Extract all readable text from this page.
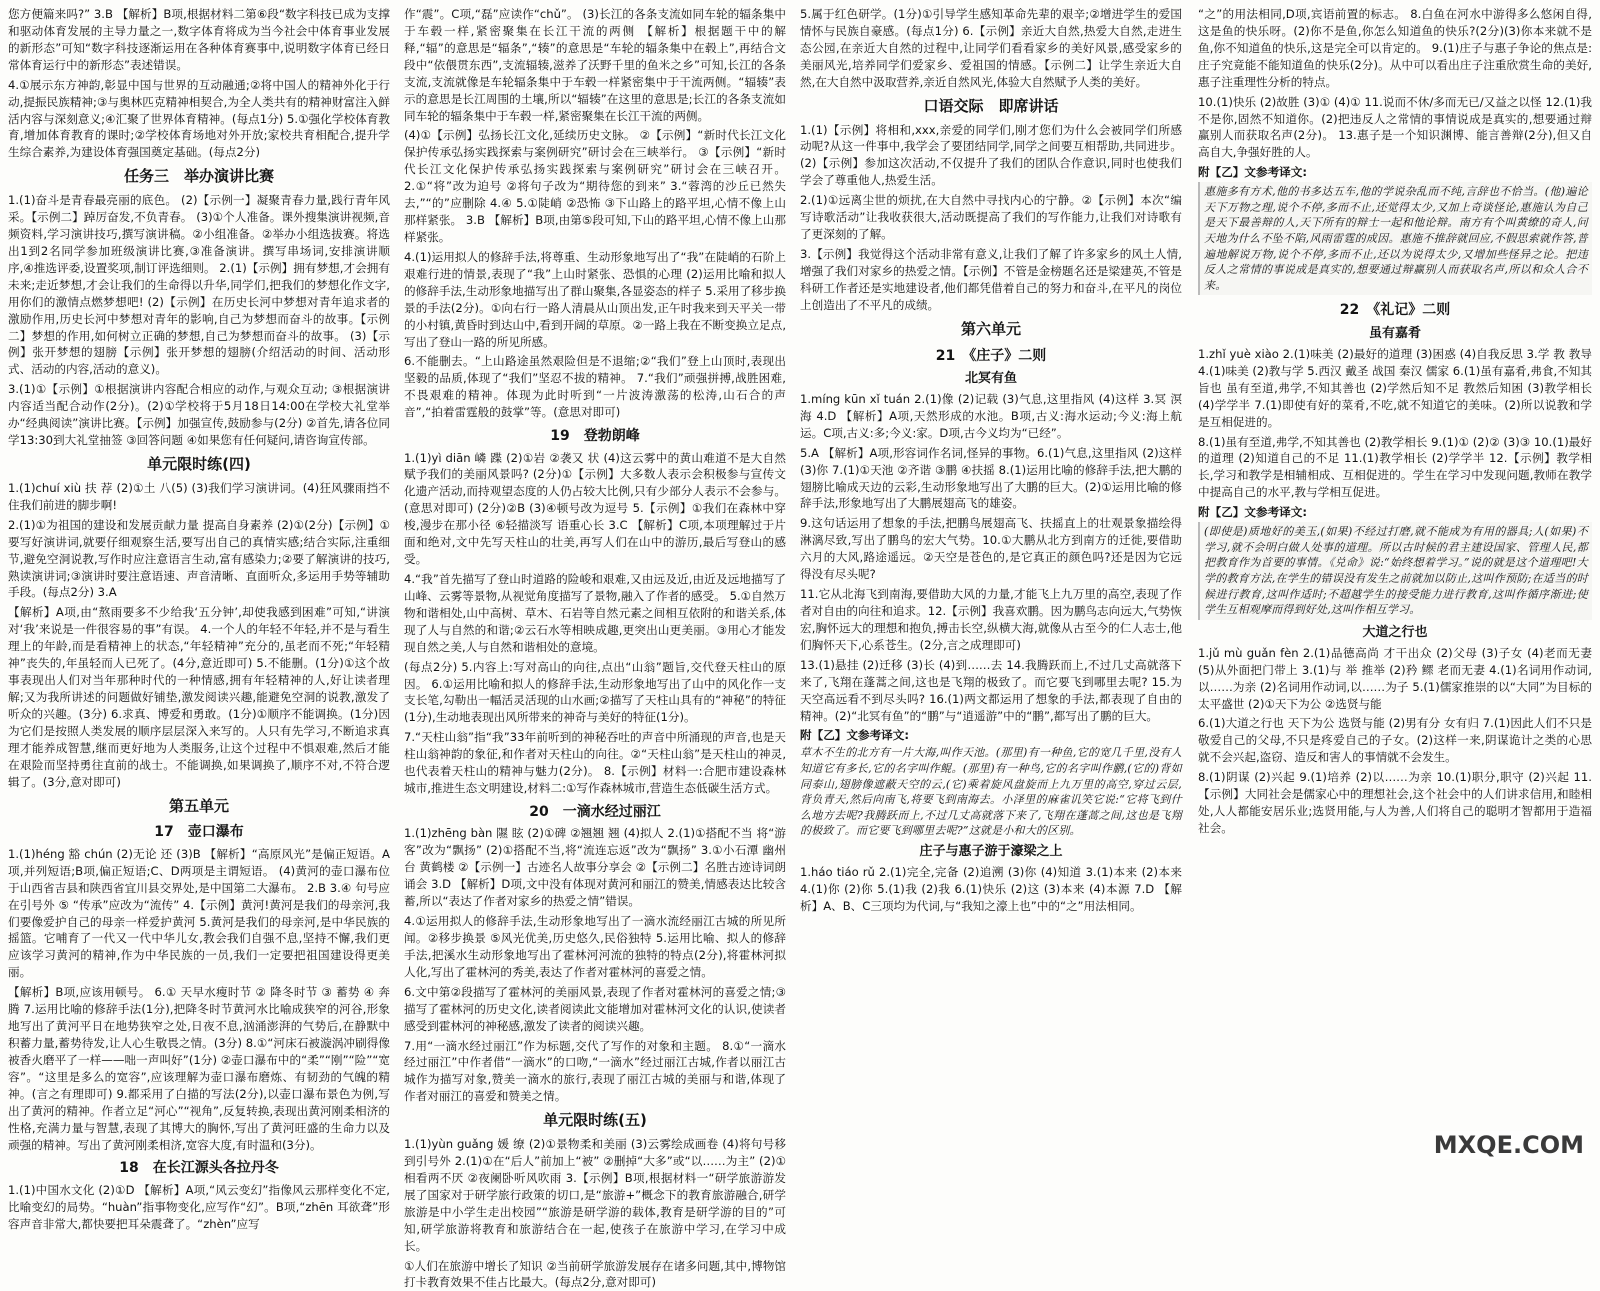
您方便篇来吗?” 3.B 【解析】B项,根据材料二第⑥段“数字科技已成为支撑和驱动体育发展的主导力量之一,数字体育将成为当今社会中体育事业发展的新形态”可知“数字科技逐渐运用在各种体育赛事中,说明数字体育已经日常体育运行中的新形态”表述错误。

4.①展示东方神韵,彰显中国与世界的互动融通;②将中国人的精神外化于行动,提振民族精神;③与奥林匹克精神相契合,为全人类共有的精神财富注入鲜活内容与深刻意义;④汇聚了世界体育精神。(每点1分) 5.①强化学校体育教育,增加体育教育的课时;②学校体育场地对外开放;家校共育相配合,提升学生综合素养,为建设体育强国奠定基础。(每点2分)

任务三　举办演讲比赛

1.(1)奋斗是青春最亮丽的底色。 (2)【示例一】凝聚青春力量,践行青年风采。【示例二】踔厉奋发,不负青春。 (3)①个人准备。课外搜集演讲视频,音频资料,学习演讲技巧,撰写演讲稿。②小组准备。②举办小组选拔赛。将选出1到2名同学参加班级演讲比赛,③准备演讲。撰写串场词,安排演讲顺序,④推选评委,设置奖项,制订评选细则。 2.(1)【示例】拥有梦想,才会拥有未来;走近梦想,才会让我们的生命得以升华,同学们,把我们的梦想化作文字,用你们的激情点燃梦想吧! (2)【示例】在历史长河中梦想对青年追求者的激励作用,历史长河中梦想对青年的影响,自己为梦想而奋斗的故事。【示例二】梦想的作用,如何树立正确的梦想,自己为梦想而奋斗的故事。 (3)【示例】张开梦想的翅膀【示例】张开梦想的翅膀(介绍活动的时间、活动形式、活动的内容,活动的意义)。

3.(1)①【示例】①根据演讲内容配合相应的动作,与观众互动; ③根据演讲内容适当配合动作(2分)。(2)①学校将于5月18日14:00在学校大礼堂举办“经典阅读”演讲比赛。【示例】加强宣传,鼓励参与(2分) ②首先,请各位同学13:30到大礼堂抽签 ③回答问题 ④如果您有任何疑问,请咨询宣传部。

单元限时练(四)

1.(1)chuí xiù 扶 荐 (2)①土 八(5) (3)我们学习演讲词。(4)狂风骤雨挡不住我们前进的脚步啊!

2.(1)①为祖国的建设和发展贡献力量 提高自身素养 (2)①(2分)【示例】①要写好演讲词,就要仔细观察生活,要写出自己的真情实感;结合实际,注重细节,避免空洞说教,写作时应注意语言生动,富有感染力;②要了解演讲的技巧,熟读演讲词;③演讲时要注意语速、声音清晰、直面听众,多运用手势等辅助手段。(每点2分) 3.A

【解析】A项,由“熬雨要多不少给我‘五分钟’,却使我感到困难”可知,“讲演对‘我’来说是一件很容易的事”有误。 4.一个人的年轻不年轻,并不是与看生理上的年龄,而是看精神上的状态,“年轻精神”充分的,虽老而不死;“年轻精神”丧失的,年虽轻而人已死了。(4分,意近即可) 5.不能删。(1分)①这个故事表现出人们对当年那种时代的一种情感,拥有年轻精神的人,好让读者理解;又为我所讲述的问题做好铺垫,激发阅读兴趣,能避免空洞的说教,激发了听众的兴趣。(3分) 6.求真、博爱和勇敢。(1分)①顺序不能调换。(1分)因为它们是按照人类发展的顺序层层深入来写的。人只有先学习,不断追求真理才能养成智慧,继而更好地为人类服务,让这个过程中不惧艰难,然后才能在艰险而坚持勇往直前的战士。不能调换,如果调换了,顺序不对,不符合逻辑了。(3分,意对即可)

第五单元
17　壶口瀑布

1.(1)héng 豁 chún (2)无论 还 (3)B 【解析】“高原风光”是偏正短语。A项,并列短语;B项,偏正短语;C、D两项是主谓短语。 (4)黄河的壶口瀑布位于山西省吉县和陕西省宜川县交界处,是中国第二大瀑布。 2.B 3.④ 句号应在引号外 ⑤ “传承”应改为“流传” 4.【示例】黄河!黄河是我们的母亲河,我们要像爱护自己的母亲一样爱护黄河 5.黄河是我们的母亲河,是中华民族的摇篮。它哺育了一代又一代中华儿女,教会我们自强不息,坚持不懈,我们更应该学习黄河的精神,作为中华民族的一员,我们一定要把祖国建设得更美丽。

【解析】B项,应该用顿号。 6.① 天早水瘦时节 ② 降冬时节 ③ 蓄势 ④ 奔腾 7.运用比喻的修辞手法(1分),把降冬时节黄河水比喻成狭窄的河谷,形象地写出了黄河平日在地势狭窄之处,日夜不息,汹涌澎湃的气势后,在静默中积蓄力量,蓄势待发,让人心生敬畏之情。(3分) 8.①“河床石被漩涡冲刷得像被香火磨平了一样——咄一声叫好”(1分) ②壶口瀑布中的“柔”“刚”“险”“宽容”。“这里是多么的宽容”,应该理解为壶口瀑布磨炼、有韧劲的气魄的精神。(言之有理即可) 9.都采用了白描的写法(2分),以壶口瀑布景色为例,写出了黄河的精神。作者立足“河心”“视角”,反复转换,表现出黄河刚柔相济的性格,充满力量与智慧,表现了其博大的胸怀,写出了黄河旺盛的生命力以及顽强的精神。写出了黄河刚柔相济,宽容大度,有时温和(3分)。

18　在长江源头各拉丹冬

1.(1)中国水文化 (2)①D 【解析】A项,“风云变幻”指像风云那样变化不定,比喻变幻的局势。“huàn”指事物变化,应写作“幻”。B项,“zhēn 耳欲聋”形容声音非常大,都快要把耳朵震聋了。“zhèn”应写

作“震”。C项,“磊”应读作“chǔ”。 (3)长江的各条支流如同车轮的辐条集中于车毂一样,紧密聚集在长江干流的两侧 【解析】根据题干中的解释,“辐”的意思是“辐条”,“辏”的意思是“车轮的辐条集中在毂上”,再结合文段中“依偎贯东西”,支流辐辏,滋养了沃野千里的鱼米之乡”可知,长江的各条支流,支流就像是车轮辐条集中于车毂一样紧密集中于干流两侧。“辐辏”表示的意思是长江周围的土壤,所以“辐辏”在这里的意思是;长江的各条支流如同车轮的辐条集中于车毂一样,紧密聚集在长江干流的两侧。

(4)①【示例】弘扬长江文化,延续历史文脉。 ②【示例】“新时代长江文化保护传承弘扬实践探索与案例研究”研讨会在三峡举行。 ③【示例】“新时代长江文化保护传承弘扬实践探索与案例研究”研讨会在三峡召开。 2.①“将”改为迫号 ②将句子改为“期待您的到来” 3.“蓉湾的沙丘已然失去,”“的”应删除 4.④ 5.①陡峭 ②恐怖 ③下山路上的路平坦,心情不像上山那样紧张。 3.B 【解析】B项,由第⑤段可知,下山的路平坦,心情不像上山那样紧张。

4.(1)运用拟人的修辞手法,将尊重、生动形象地写出了“我”在陡峭的石阶上艰难行进的情景,表现了“我”上山时紧张、恐惧的心理 (2)运用比喻和拟人的修辞手法,生动形象地描写出了群山聚集,各显姿态的样子 5.采用了移步换景的手法(2分)。①向右行一路人清晨从山顶出发,正午时我来到天平关一带的小村镇,黄昏时到达山中,看到开阔的草原。②一路上我在不断变换立足点,写出了登山一路的所见所感。

6.不能删去。“上山路途虽然艰险但是不退缩;②“我们”登上山顶时,表现出坚毅的品质,体现了“我们”坚忍不拔的精神。 7.“我们”顽强拼搏,战胜困难,不畏艰难的精神。体现为此时听到“一片波涛激荡的松涛,山石合的声音”,“拍着雷霆般的鼓掌”等。(意思对即可)

19　登勃朗峰

1.(1)yì diān 嶙 蹀 (2)①岩 ②袭又 状 (4)这云雾中的黄山难道不是大自然赋予我们的美丽风景吗? (2分)①【示例】大多数人表示会积极参与宣传文化遗产活动,而持观望态度的人仍占较大比例,只有少部分人表示不会参与。(意思对即可) (2分)②B (3)④顿号改为逗号 5.【示例】①我们在森林中穿梭,漫步在那小径 ⑥轻描淡写 语重心长 3.C 【解析】C项,本项理解过于片面和绝对,文中先写天柱山的壮美,再写人们在山中的游历,最后写登山的感受。

4.“我”首先描写了登山时道路的险峻和艰难,又由远及近,由近及远地描写了山峰、云雾等景物,从视觉角度描写了景物,融入了作者的感受。 5.①自然万物和谐相处,山中高树、草木、石岩等自然元素之间相互依附的和谐关系,体现了人与自然的和谐;②云石水等相映成趣,更突出山更美丽。③用心才能发现自然之美,人与自然和谐相处的意境。

(每点2分) 5.内容上:写对高山的向往,点出“山翁”题旨,交代登天柱山的原因。 6.①运用比喻和拟人的修辞手法,生动形象地写出了山中的风化作一支支长笔,勾勒出一幅活灵活现的山水画;②描写了天柱山具有的“神秘”的特征(1分),生动地表现出风所带来的神奇与美好的特征(1分)。

7.“天柱山翁”指“我”33年前听到的神秘吞吐的声音中所涌现的声音,也是天柱山翁神韵的象征,和作者对天柱山的向往。②“天柱山翁”是天柱山的神灵,也代表着天柱山的精神与魅力(2分)。 8.【示例】材料一:合肥市建设森林城市,推进生态文明建设,材料二:①写作森林城市,营造生态低碳生活方式。

20　一滴水经过丽江

1.(1)zhēng bàn 隰 眩 (2)①碑 ②翘翘 翘 (4)拟人 2.(1)①搭配不当 将“游客”改为“飘扬” (2)①搭配不当,将“流连忘返”改为“飘扬” 3.①小石潭 幽州台 黄鹤楼 ②【示例一】古迹名人故事分享会 ②【示例二】名胜古迹诗词朗诵会 3.D 【解析】D项,文中没有体现对黄河和丽江的赞美,情感表达比较含蓄,所以“表达了作者对家乡的热爱之情”错误。

4.①运用拟人的修辞手法,生动形象地写出了一滴水流经丽江古城的所见所闻。②移步换景 ⑤风光优美,历史悠久,民俗独特 5.运用比喻、拟人的修辞手法,把溪水生动形象地写出了霍林河河流的独特的特点(2分),将霍林河拟人化,写出了霍林河的秀美,表达了作者对霍林河的喜爱之情。

6.文中第②段描写了霍林河的美丽风景,表现了作者对霍林河的喜爱之情;③描写了霍林河的历史文化,读者阅读此文能增加对霍林河文化的认识,使读者感受到霍林河的神秘感,激发了读者的阅读兴趣。

7.用“一滴水经过丽江”作为标题,交代了写作的对象和主题。 8.①“一滴水经过丽江”中作者借“一滴水”的口吻,“一滴水”经过丽江古城,作者以丽江古城作为描写对象,赞美一滴水的旅行,表现了丽江古城的美丽与和谐,体现了作者对丽江的喜爱和赞美之情。

单元限时练(五)

1.(1)yùn guǎng 媛 缭 (2)①景物柔和美丽 (3)云雾绘成画卷 (4)将句号移到引号外 2.(1)①在“后人”前加上“被” ②删掉“大多”或“以……为主” (2)①相看两不厌 ②夜阑卧听风吹雨 3.【示例】B项,根据材料一“研学旅游游发展了国家对于研学旅行政策的切口,是“旅游+”概念下的教育旅游融合,研学旅游是中小学生走出校园”“旅游是研学游的载体,教育是研学游的目的”可知,研学旅游将教育和旅游结合在一起,使孩子在旅游中学习,在学习中成长。

①人们在旅游中增长了知识 ②当前研学旅游发展存在诸多问题,其中,博物馆打卡教育效果不佳占比最大。(每点2分,意对即可)

5.属于红色研学。(1分)①引导学生感知革命先辈的艰辛;②增进学生的爱国情怀与民族自豪感。(每点1分) 6.【示例】亲近大自然,热爱大自然,走进生态公园,在亲近大自然的过程中,让同学们看看家乡的美好风景,感受家乡的美丽风光,培养同学们爱家乡、爱祖国的情感。【示例二】让学生亲近大自然,在大自然中汲取营养,亲近自然风光,体验大自然赋予人类的美好。

口语交际　即席讲话

1.(1)【示例】将相和,xxx,亲爱的同学们,刚才您们为什么会被同学们所感动呢?从这一件事中,我学会了要团结同学,同学之间要互相帮助,共同进步。(2)【示例】参加这次活动,不仅提升了我们的团队合作意识,同时也使我们学会了尊重他人,热爱生活。

2.(1)①远离尘世的烦扰,在大自然中寻找内心的宁静。②【示例】本次“编写诗歌活动”让我收获很大,活动既提高了我们的写作能力,让我们对诗歌有了更深刻的了解。

3.【示例】我觉得这个活动非常有意义,让我们了解了许多家乡的风土人情,增强了我们对家乡的热爱之情。【示例】不管是金榜题名还是梁建英,不管是科研工作者还是实地建设者,他们都凭借着自己的努力和奋斗,在平凡的岗位上创造出了不平凡的成绩。

第六单元
21　《庄子》二则
北冥有鱼

1.míng kūn xǐ tuán 2.(1)像 (2)记载 (3)气息,这里指风 (4)这样 3.冥 溟 海 4.D 【解析】A项,天然形成的水池。B项,古义:海水运动;今义:海上航运。C项,古义:多;今义:家。D项,古今义均为“已经”。

5.A 【解析】A项,形容词作名词,怪异的事物。6.(1)气息,这里指风 (2)这样 (3)你 7.(1)①天池 ②齐谐 ③鹏 ④扶摇 8.(1)运用比喻的修辞手法,把大鹏的翅膀比喻成天边的云彩,生动形象地写出了大鹏的巨大。(2)①运用比喻的修辞手法,形象地写出了大鹏展翅高飞的雄姿。

9.这句话运用了想象的手法,把鹏鸟展翅高飞、扶摇直上的壮观景象描绘得淋漓尽致,写出了鹏鸟的宏大气势。10.①大鹏从北方到南方的迁徙,要借助六月的大风,路途遥远。②天空是苍色的,是它真正的颜色吗?还是因为它远得没有尽头呢?

11.它从北海飞到南海,要借助大风的力量,才能飞上九万里的高空,表现了作者对自由的向往和追求。12.【示例】我喜欢鹏。因为鹏鸟志向远大,气势恢宏,胸怀远大的理想和抱负,搏击长空,纵横大海,就像从古至今的仁人志士,他们胸怀天下,心系苍生。(2分,言之成理即可)

13.(1)悬挂 (2)迁移 (3)长 (4)到……去 14.我腾跃而上,不过几丈高就落下来了,飞翔在蓬蒿之间,这也是飞翔的极致了。而它要飞到哪里去呢? 15.为天空高远看不到尽头吗? 16.(1)两文都运用了想象的手法,都表现了自由的精神。(2)“北冥有鱼”的“鹏”与“逍遥游”中的“鹏”,都写出了鹏的巨大。

附【乙】文参考译文:

草木不生的北方有一片大海,叫作天池。(那里)有一种鱼,它的宽几千里,没有人知道它有多长,它的名字叫作鲲。(那里)有一种鸟,它的名字叫作鹏,(它的)背如同泰山,翅膀像遮蔽天空的云,(它)乘着旋风盘旋而上九万里的高空,穿过云层,背负青天,然后向南飞,将要飞到南海去。小泽里的麻雀讥笑它说:“它将飞到什么地方去呢?我腾跃而上,不过几丈高就落下来了,飞翔在蓬蒿之间,这也是飞翔的极致了。而它要飞到哪里去呢?”这就是小和大的区别。

庄子与惠子游于濠梁之上

1.háo tiáo rǔ 2.(1)完全,完备 (2)追溯 (3)你 (4)知道 3.(1)本来 (2)本来 4.(1)你 (2)你 5.(1)我 (2)我 6.(1)快乐 (2)这 (3)本来 (4)本源 7.D 【解析】A、B、C三项均为代词,与“我知之濠上也”中的“之”用法相同。

“之”的用法相同,D项,宾语前置的标志。 8.白鱼在河水中游得多么悠闲自得,这是鱼的快乐呀。(2)你不是鱼,你怎么知道鱼的快乐?(2分)(3)你本来就不是鱼,你不知道鱼的快乐,这是完全可以肯定的。 9.(1)庄子与惠子争论的焦点是:庄子究竟能不能知道鱼的快乐(2分)。从中可以看出庄子注重欣赏生命的美好,惠子注重理性分析的特点。

10.(1)快乐 (2)故胜 (3)① (4)① 11.说而不休/多而无已/又益之以怪 12.(1)我不是你,固然不知道你。(2)把违反人之常情的事情说成是真实的,想要通过辩赢别人而获取名声(2分)。 13.惠子是一个知识渊博、能言善辩(2分),但又自高自大,争强好胜的人。

附【乙】文参考译文:

惠施多有方术,他的书多达五车,他的学说杂乱而不纯,言辞也不恰当。(他)遍论天下万物之理,说个不停,多而不止,还觉得太少,又加上奇谈怪论,惠施认为自己是天下最善辩的人,天下所有的辩士一起和他论辩。南方有个叫黄缭的奇人,问天地为什么不坠不陷,风雨雷霆的成因。惠施不推辞就回应,不假思索就作答,普遍地解说万物,说个不停,多而不止,还以为说得太少,又增加些怪异之论。把违反人之常情的事说成是真实的,想要通过辩赢别人而获取名声,所以和众人合不来。

22　《礼记》二则
虽有嘉肴

1.zhǐ yuè xiào 2.(1)味美 (2)最好的道理 (3)困惑 (4)自我反思 3.学 教 教导 4.(1)味美 (2)教与学 5.西汉 戴圣 战国 秦汉 儒家 6.(1)虽有嘉肴,弗食,不知其旨也 虽有至道,弗学,不知其善也 (2)学然后知不足 教然后知困 (3)教学相长 (4)学学半 7.(1)即使有好的菜肴,不吃,就不知道它的美味。(2)所以说教和学是互相促进的。

8.(1)虽有至道,弗学,不知其善也 (2)教学相长 9.(1)① (2)② (3)③ 10.(1)最好的道理 (2)知道自己的不足 11.(1)教学相长 (2)学学半 12.【示例】教学相长,学习和教学是相辅相成、互相促进的。学生在学习中发现问题,教师在教学中提高自己的水平,教与学相互促进。

附【乙】文参考译文:

(即使是)质地好的美玉,(如果)不经过打磨,就不能成为有用的器具;人(如果)不学习,就不会明白做人处事的道理。所以古时候的君主建设国家、管理人民,都把教育作为首要的事情。《兑命》说:“始终想着学习。”说的就是这个道理吧!大学的教育方法,在学生的错误没有发生之前就加以防止,这叫作预防;在适当的时候进行教育,这叫作适时;不超越学生的接受能力进行教育,这叫作循序渐进;使学生互相观摩而得到好处,这叫作相互学习。

大道之行也

1.jǔ mù guǎn fèn 2.(1)品德高尚 才干出众 (2)父母 (3)子女 (4)老而无妻 (5)从外面把门带上 3.(1)与 举 推举 (2)矜 鳏 老而无妻 4.(1)名词用作动词,以……为亲 (2)名词用作动词,以……为子 5.(1)儒家推崇的以“大同”为目标的太平盛世 (2)①天下为公 ②选贤与能

6.(1)大道之行也 天下为公 选贤与能 (2)男有分 女有归 7.(1)因此人们不只是敬爱自己的父母,不只是疼爱自己的子女。(2)这样一来,阴谋诡计之类的心思就不会兴起,盗窃、造反和害人的事情就不会发生。

8.(1)阴谋 (2)兴起 9.(1)培养 (2)以……为亲 10.(1)职分,职守 (2)兴起 11.【示例】大同社会是儒家心中的理想社会,这个社会中的人们讲求信用,和睦相处,人人都能安居乐业;选贤用能,与人为善,人们将自己的聪明才智都用于造福社会。

MXQE.COM
